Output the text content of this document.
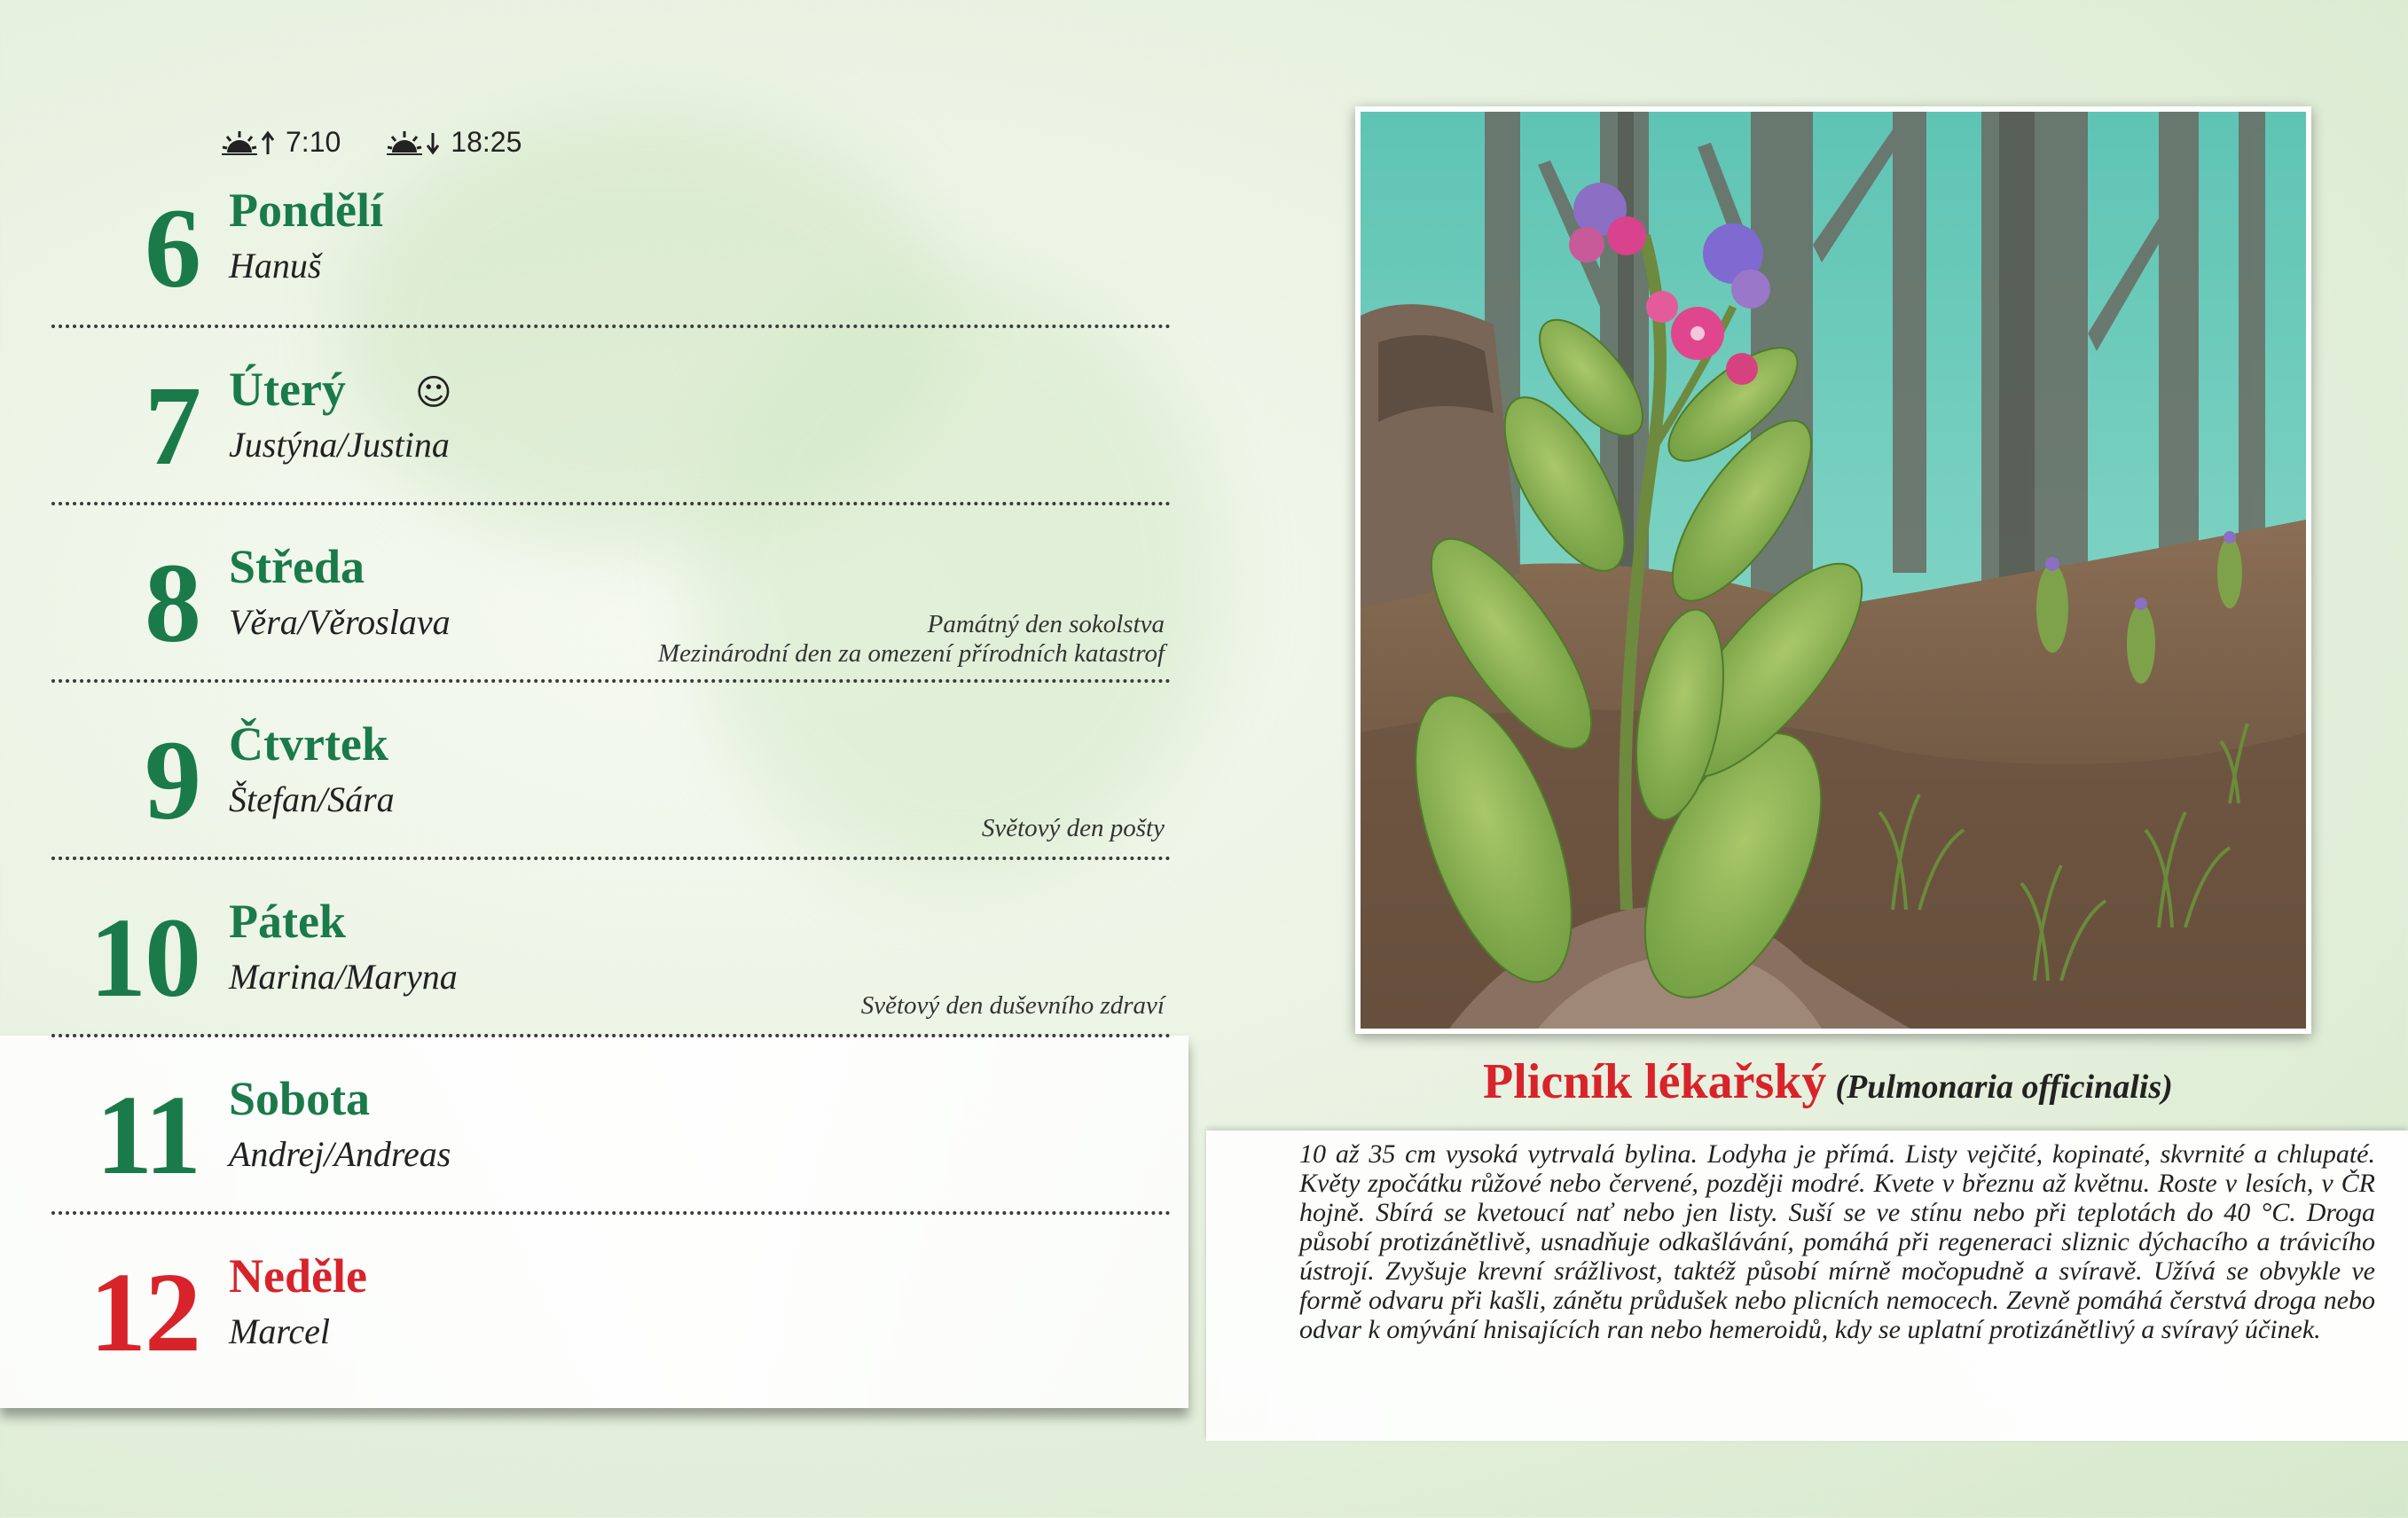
7:10	18:25
6 Pondělí
Hanuš
7 Úterý ☺
Justýna/Justina
8 Středa
Věra/Věroslava	Památný den sokolstva
Mezinárodní den za omezení přírodních katastrof
9 Čtvrtek
Štefan/Sára
Světový den pošty
10 Pátek
Marina/Maryna
Světový den duševního zdraví
11 Sobota
Andrej/Andreas
12 Neděle
Marcel
Plicník lékařský (Pulmonaria officinalis)
10 až 35 cm vysoká vytrvalá bylina. Lodyha je přímá. Listy vejčité, kopinaté, skvrnité a chlupaté. Květy zpočátku růžové nebo červené, později modré. Kvete v březnu až květnu. Roste v lesích, v ČR hojně. Sbírá se kvetoucí nať nebo jen listy. Suší se ve stínu nebo při teplotách do 40 °C. Droga působí protizánětlivě, usnadňuje odkašlávání, pomáhá při regeneraci sliznic dýchacího a trávicího ústrojí. Zvyšuje krevní srážlivost, taktéž působí mírně močopudně a svíravě. Užívá se obvykle ve formě odvaru při kašli, zánětu průdušek nebo plicních nemocech. Zevně pomáhá čerstvá droga nebo odvar k omývání hnisajících ran nebo hemeroidů, kdy se uplatní protizánětlivý a svíravý účinek.
